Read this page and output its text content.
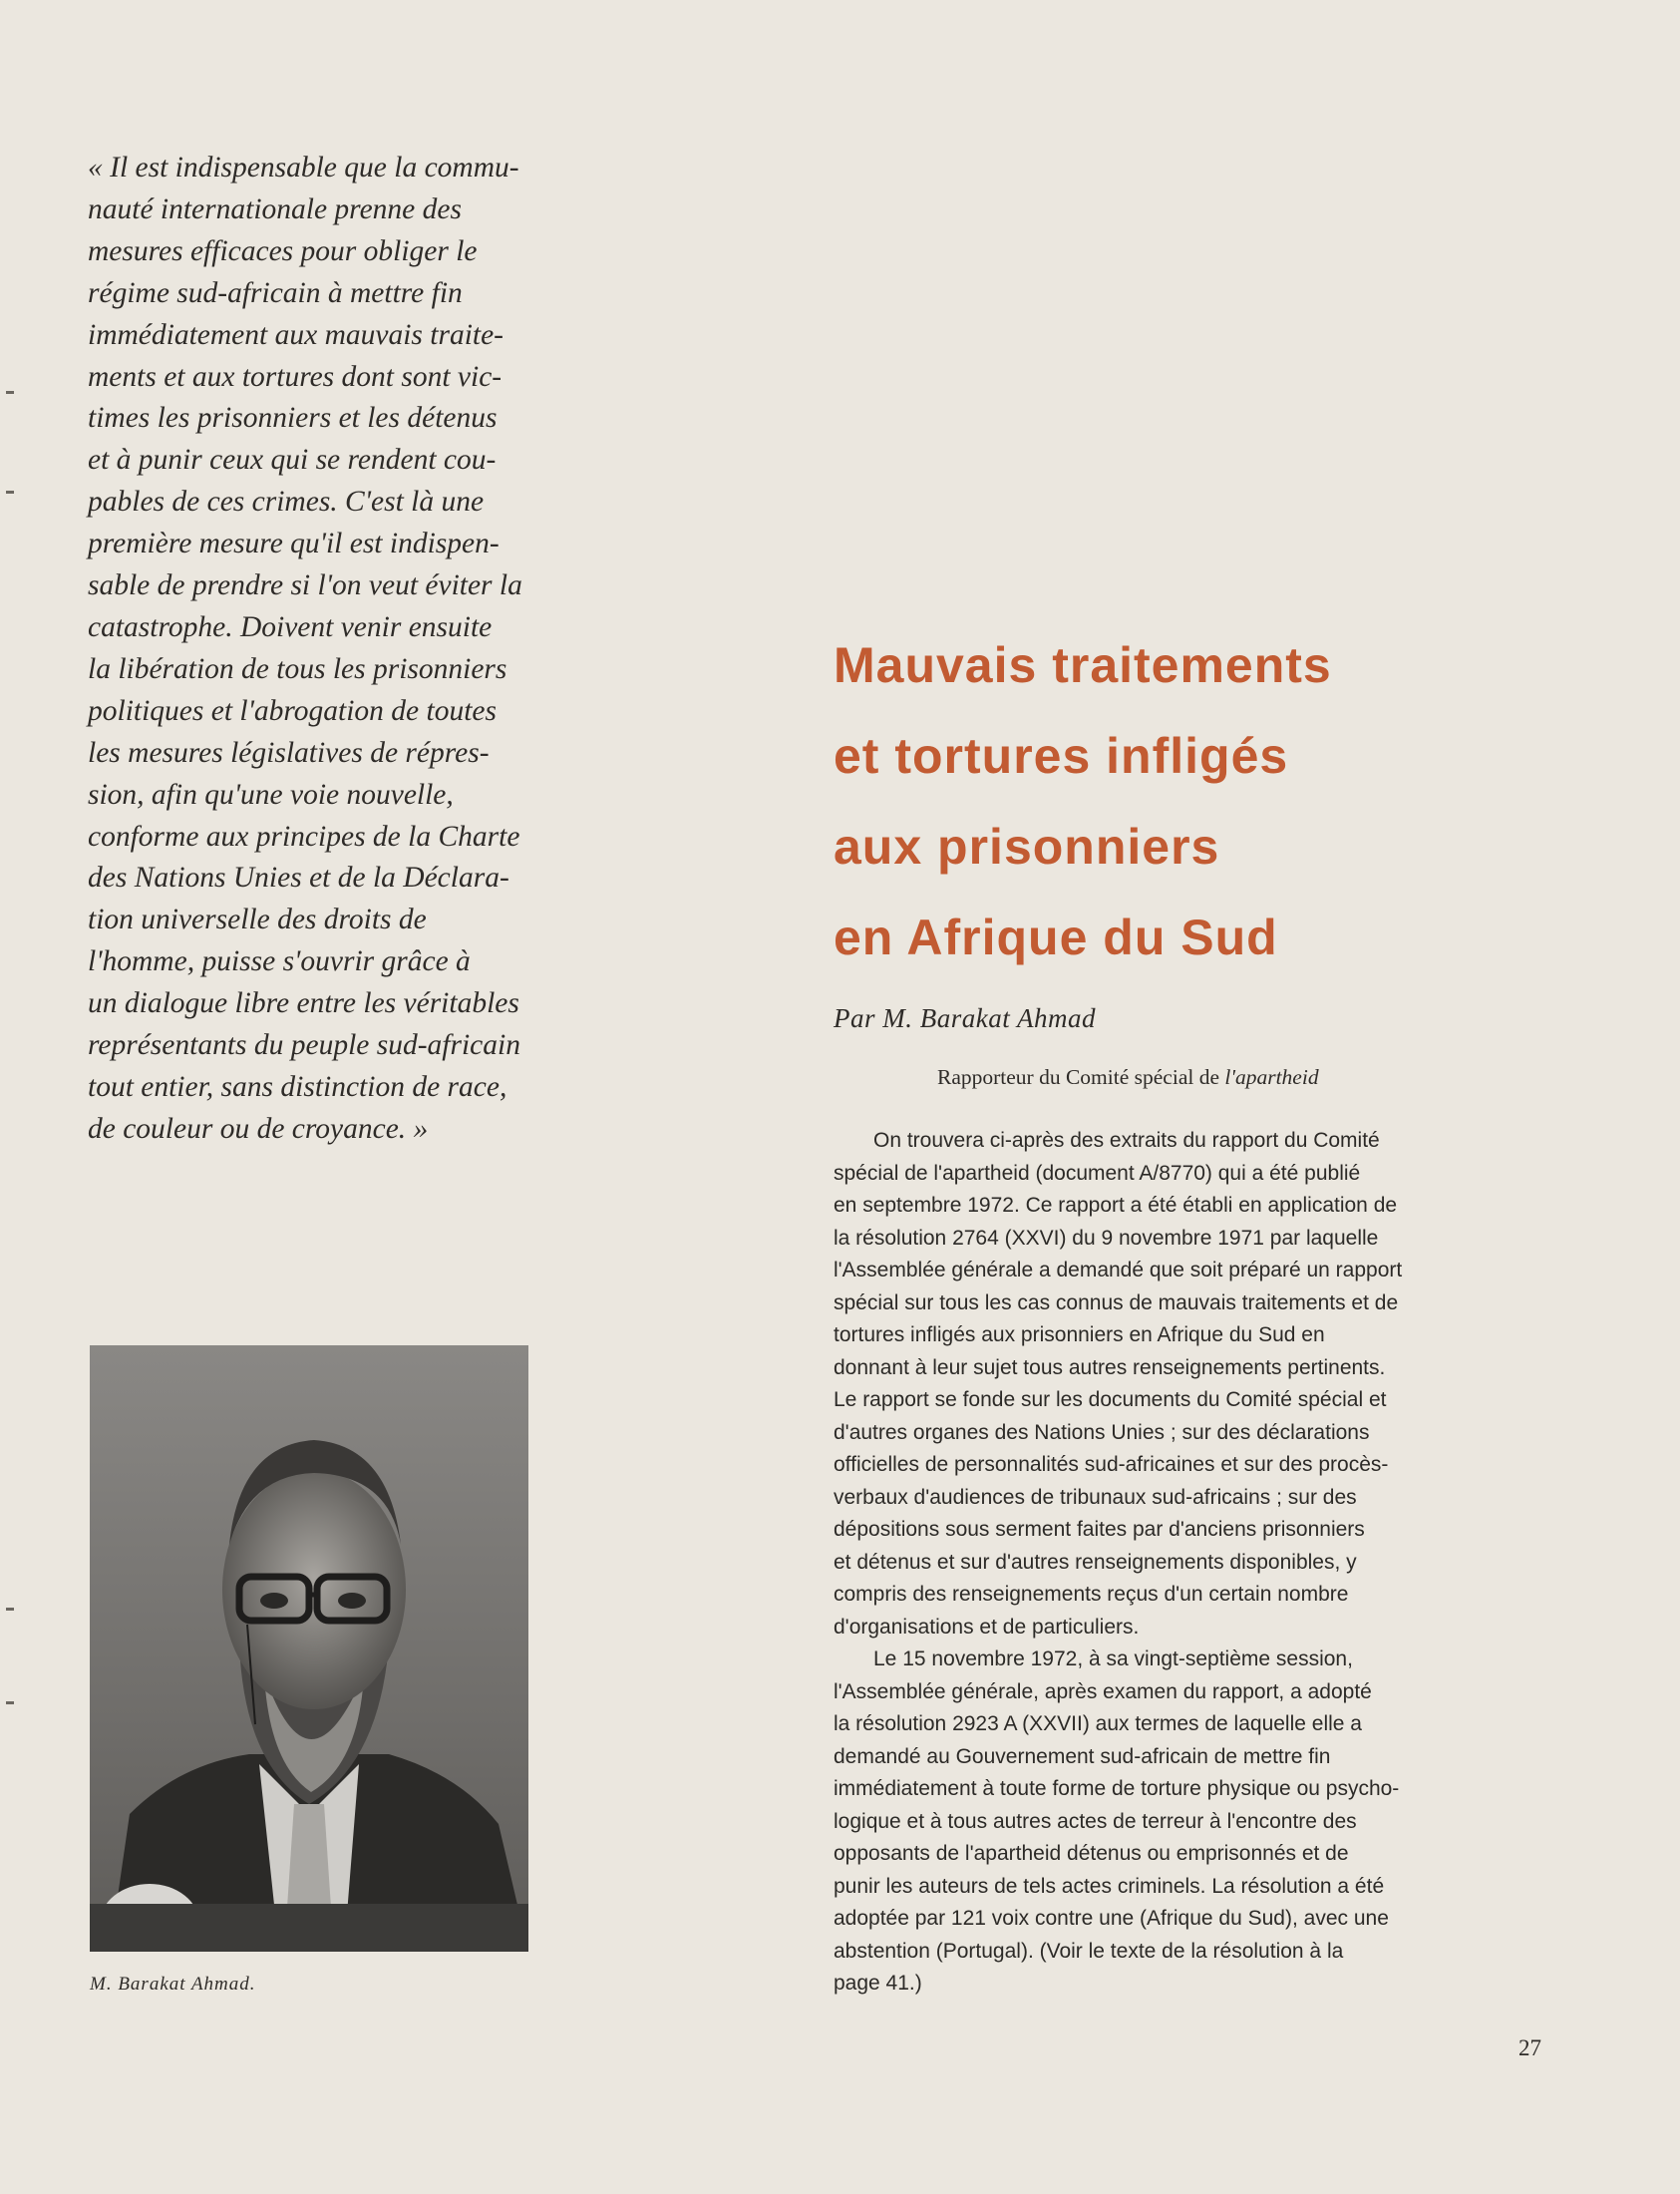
« Il est indispensable que la commu-
nauté internationale prenne des
mesures efficaces pour obliger le
régime sud-africain à mettre fin
immédiatement aux mauvais traite-
ments et aux tortures dont sont vic-
times les prisonniers et les détenus
et à punir ceux qui se rendent cou-
pables de ces crimes. C'est là une
première mesure qu'il est indispen-
sable de prendre si l'on veut éviter la
catastrophe. Doivent venir ensuite
la libération de tous les prisonniers
politiques et l'abrogation de toutes
les mesures législatives de répres-
sion, afin qu'une voie nouvelle,
conforme aux principes de la Charte
des Nations Unies et de la Déclara-
tion universelle des droits de
l'homme, puisse s'ouvrir grâce à
un dialogue libre entre les véritables
représentants du peuple sud-africain
tout entier, sans distinction de race,
de couleur ou de croyance. »
M. Barakat Ahmad.
Mauvais traitements
et tortures infligés
aux prisonniers
en Afrique du Sud
Par M. Barakat Ahmad
Rapporteur du Comité spécial de l'apartheid
On trouvera ci-après des extraits du rapport du Comité
spécial de l'apartheid (document A/8770) qui a été publié
en septembre 1972. Ce rapport a été établi en application de
la résolution 2764 (XXVI) du 9 novembre 1971 par laquelle
l'Assemblée générale a demandé que soit préparé un rapport
spécial sur tous les cas connus de mauvais traitements et de
tortures infligés aux prisonniers en Afrique du Sud en
donnant à leur sujet tous autres renseignements pertinents.
Le rapport se fonde sur les documents du Comité spécial et
d'autres organes des Nations Unies ; sur des déclarations
officielles de personnalités sud-africaines et sur des procès-
verbaux d'audiences de tribunaux sud-africains ; sur des
dépositions sous serment faites par d'anciens prisonniers
et détenus et sur d'autres renseignements disponibles, y
compris des renseignements reçus d'un certain nombre
d'organisations et de particuliers.
Le 15 novembre 1972, à sa vingt-septième session,
l'Assemblée générale, après examen du rapport, a adopté
la résolution 2923 A (XXVII) aux termes de laquelle elle a
demandé au Gouvernement sud-africain de mettre fin
immédiatement à toute forme de torture physique ou psycho-
logique et à tous autres actes de terreur à l'encontre des
opposants de l'apartheid détenus ou emprisonnés et de
punir les auteurs de tels actes criminels. La résolution a été
adoptée par 121 voix contre une (Afrique du Sud), avec une
abstention (Portugal). (Voir le texte de la résolution à la
page 41.)
27
